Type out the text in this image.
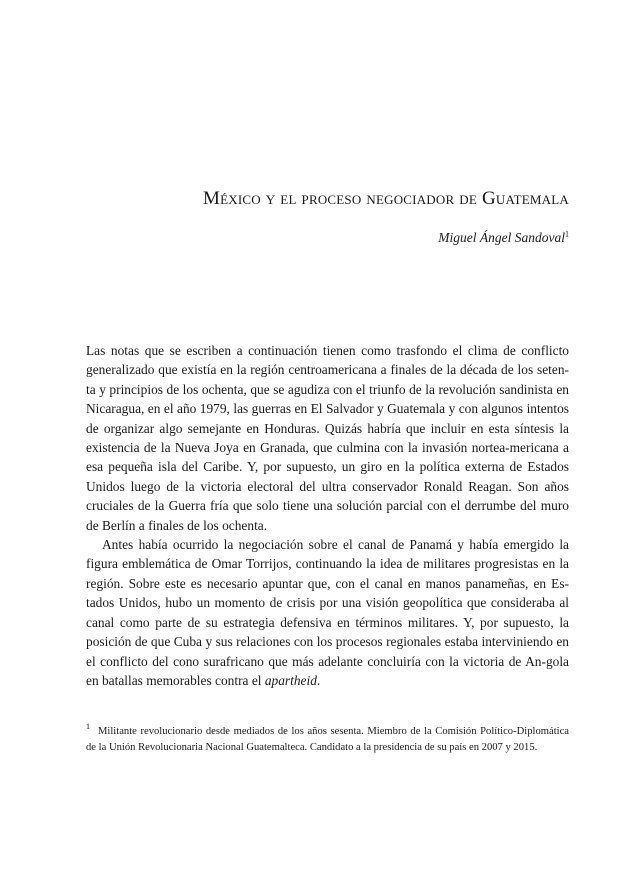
México y el proceso negociador de Guatemala
Miguel Ángel Sandoval$^1$

Las notas que se escriben a continuación tienen como trasfondo el clima de conflicto generalizado que existía en la región centroamericana a finales de la década de los seten-ta y principios de los ochenta, que se agudiza con el triunfo de la revolución sandinista en Nicaragua, en el año 1979, las guerras en El Salvador y Guatemala y con algunos intentos de organizar algo semejante en Honduras. Quizás habría que incluir en esta síntesis la existencia de la Nueva Joya en Granada, que culmina con la invasión nortea-mericana a esa pequeña isla del Caribe. Y, por supuesto, un giro en la política externa de Estados Unidos luego de la victoria electoral del ultra conservador Ronald Reagan. Son años cruciales de la Guerra fría que solo tiene una solución parcial con el derrumbe del muro de Berlín a finales de los ochenta.

Antes había ocurrido la negociación sobre el canal de Panamá y había emergido la figura emblemática de Omar Torrijos, continuando la idea de militares progresistas en la región. Sobre este es necesario apuntar que, con el canal en manos panameñas, en Es-tados Unidos, hubo un momento de crisis por una visión geopolítica que consideraba al canal como parte de su estrategia defensiva en términos militares. Y, por supuesto, la posición de que Cuba y sus relaciones con los procesos regionales estaba interviniendo en el conflicto del cono surafricano que más adelante concluiría con la victoria de An-gola en batallas memorables contra el apartheid.

$^1$ Militante revolucionario desde mediados de los años sesenta. Miembro de la Comisión Político-Diplomática de la Unión Revolucionaria Nacional Guatemalteca. Candidato a la presidencia de su país en 2007 y 2015.
